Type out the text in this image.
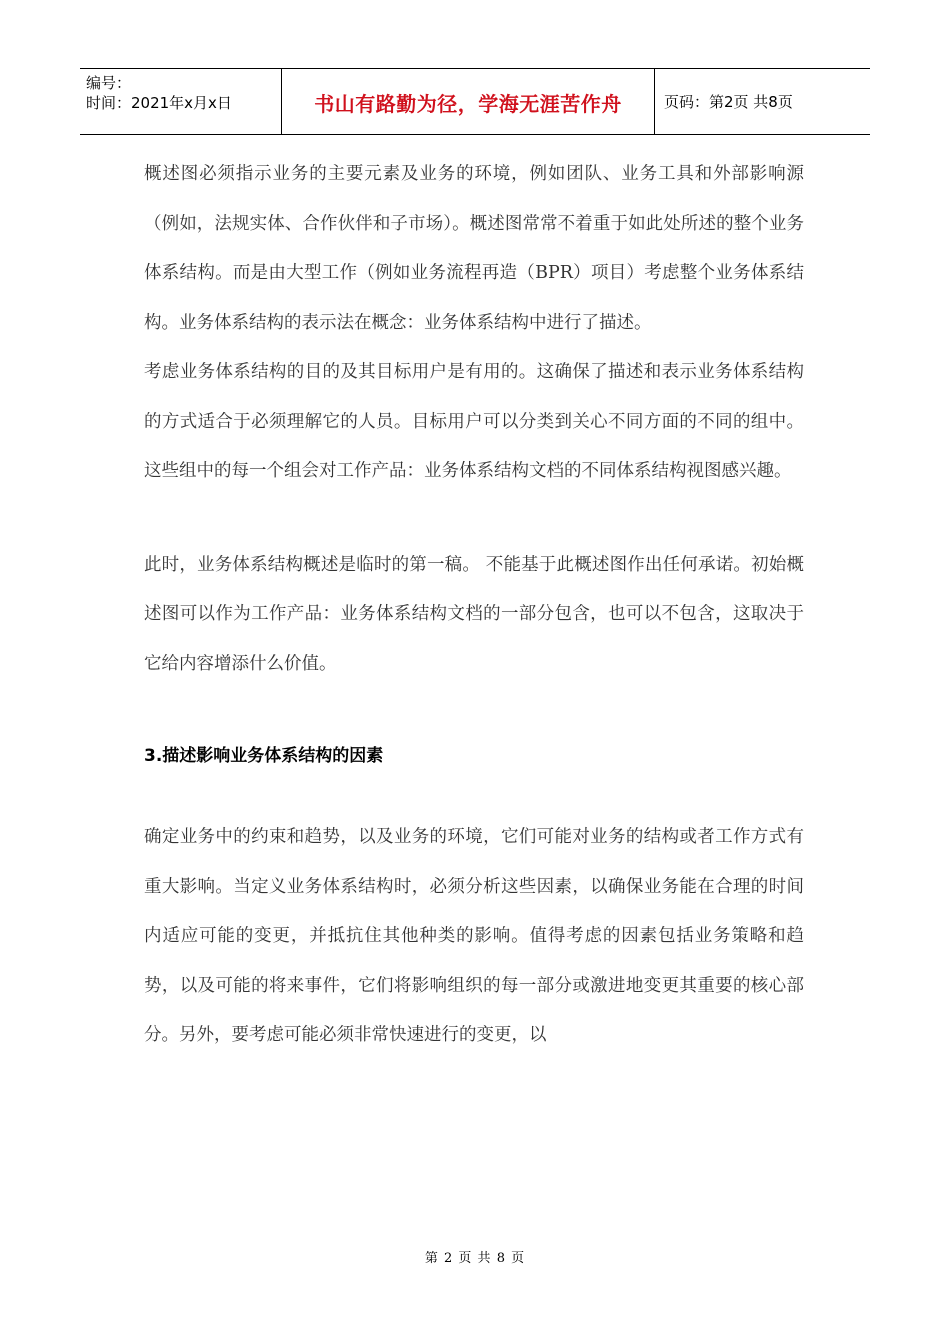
编号：
时间：2021年x月x日	书山有路勤为径，学海无涯苦作舟	页码：第2页 共8页

概述图必须指示业务的主要元素及业务的环境，例如团队、业务工具和外部影响源（例如，法规实体、合作伙伴和子市场）。概述图常常不着重于如此处所述的整个业务体系结构。而是由大型工作（例如业务流程再造（BPR）项目）考虑整个业务体系结构。业务体系结构的表示法在概念：业务体系结构中进行了描述。

考虑业务体系结构的目的及其目标用户是有用的。这确保了描述和表示业务体系结构的方式适合于必须理解它的人员。目标用户可以分类到关心不同方面的不同的组中。这些组中的每一个组会对工作产品：业务体系结构文档的不同体系结构视图感兴趣。

此时，业务体系结构概述是临时的第一稿。 不能基于此概述图作出任何承诺。初始概述图可以作为工作产品：业务体系结构文档的一部分包含，也可以不包含，这取决于它给内容增添什么价值。

3.描述影响业务体系结构的因素

确定业务中的约束和趋势，以及业务的环境，它们可能对业务的结构或者工作方式有重大影响。当定义业务体系结构时，必须分析这些因素，以确保业务能在合理的时间内适应可能的变更，并抵抗住其他种类的影响。值得考虑的因素包括业务策略和趋势，以及可能的将来事件，它们将影响组织的每一部分或激进地变更其重要的核心部分。另外，要考虑可能必须非常快速进行的变更，以

第 2 页 共 8 页
